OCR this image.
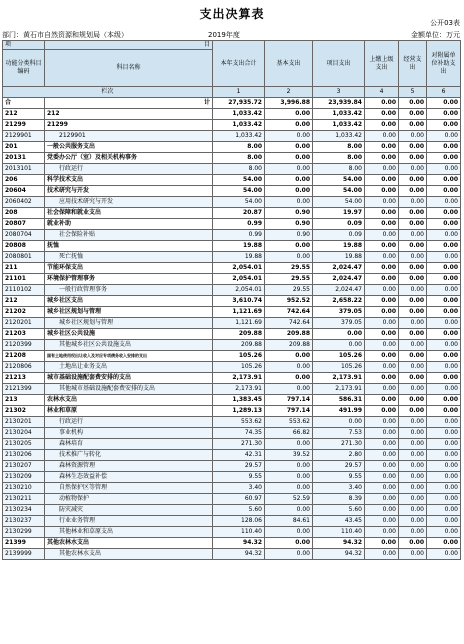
支出决算表
公开03表
部门：黄石市自然资源和规划局（本级）	2019年度	金额单位：万元
项	目	本年支出合计	基本支出	项目支出	上缴上级支出	经营支出	对附属单位补助支出
功能分类科目编码	科目名称						

栏次		1	2	3	4	5	6
合	计	27,935.72	3,996.88	23,939.84	0.00	0.00	0.00
212	212	1,033.42	0.00	1,033.42	0.00	0.00	0.00
21299	21299	1,033.42	0.00	1,033.42	0.00	0.00	0.00
2129901	2129901	1,033.42	0.00	1,033.42	0.00	0.00	0.00
201	一般公共服务支出	8.00	0.00	8.00	0.00	0.00	0.00
20131	党委办公厅（室）及相关机构事务	8.00	0.00	8.00	0.00	0.00	0.00
2013101	行政运行	8.00	0.00	8.00	0.00	0.00	0.00
206	科学技术支出	54.00	0.00	54.00	0.00	0.00	0.00
20604	技术研究与开发	54.00	0.00	54.00	0.00	0.00	0.00
2060402	应用技术研究与开发	54.00	0.00	54.00	0.00	0.00	0.00
208	社会保障和就业支出	20.87	0.90	19.97	0.00	0.00	0.00
20807	就业补助	0.99	0.90	0.09	0.00	0.00	0.00
2080704	社会保险补贴	0.99	0.90	0.09	0.00	0.00	0.00
20808	抚恤	19.88	0.00	19.88	0.00	0.00	0.00
2080801	死亡抚恤	19.88	0.00	19.88	0.00	0.00	0.00
211	节能环保支出	2,054.01	29.55	2,024.47	0.00	0.00	0.00
21101	环境保护管理事务	2,054.01	29.55	2,024.47	0.00	0.00	0.00
2110102	一般行政管理事务	2,054.01	29.55	2,024.47	0.00	0.00	0.00
212	城乡社区支出	3,610.74	952.52	2,658.22	0.00	0.00	0.00
21202	城乡社区规划与管理	1,121.69	742.64	379.05	0.00	0.00	0.00
2120201	城乡社区规划与管理	1,121.69	742.64	379.05	0.00	0.00	0.00
21203	城乡社区公共设施	209.88	209.88	0.00	0.00	0.00	0.00
2120399	其他城乡社区公共设施支出	209.88	209.88	0.00	0.00	0.00	0.00
21208	国有土地使用权出让收入及对应专项债务收入安排的支出	105.26	0.00	105.26	0.00	0.00	0.00
2120806	土地出让业务支出	105.26	0.00	105.26	0.00	0.00	0.00
21213	城市基础设施配套费安排的支出	2,173.91	0.00	2,173.91	0.00	0.00	0.00
2121399	其他城市基础设施配套费安排的支出	2,173.91	0.00	2,173.91	0.00	0.00	0.00
213	农林水支出	1,383.45	797.14	586.31	0.00	0.00	0.00
21302	林业和草原	1,289.13	797.14	491.99	0.00	0.00	0.00
2130201	行政运行	553.62	553.62	0.00	0.00	0.00	0.00
2130204	事业机构	74.35	66.82	7.53	0.00	0.00	0.00
2130205	森林培育	271.30	0.00	271.30	0.00	0.00	0.00
2130206	技术推广与转化	42.31	39.52	2.80	0.00	0.00	0.00
2130207	森林资源管理	29.57	0.00	29.57	0.00	0.00	0.00
2130209	森林生态效益补偿	9.55	0.00	9.55	0.00	0.00	0.00
2130210	自然保护区等管理	3.40	0.00	3.40	0.00	0.00	0.00
2130211	动植物保护	60.97	52.59	8.39	0.00	0.00	0.00
2130234	防灾减灾	5.60	0.00	5.60	0.00	0.00	0.00
2130237	行业业务管理	128.06	84.61	43.45	0.00	0.00	0.00
2130299	其他林业和草原支出	110.40	0.00	110.40	0.00	0.00	0.00
21399	其他农林水支出	94.32	0.00	94.32	0.00	0.00	0.00
2139999	其他农林水支出	94.32	0.00	94.32	0.00	0.00	0.00
